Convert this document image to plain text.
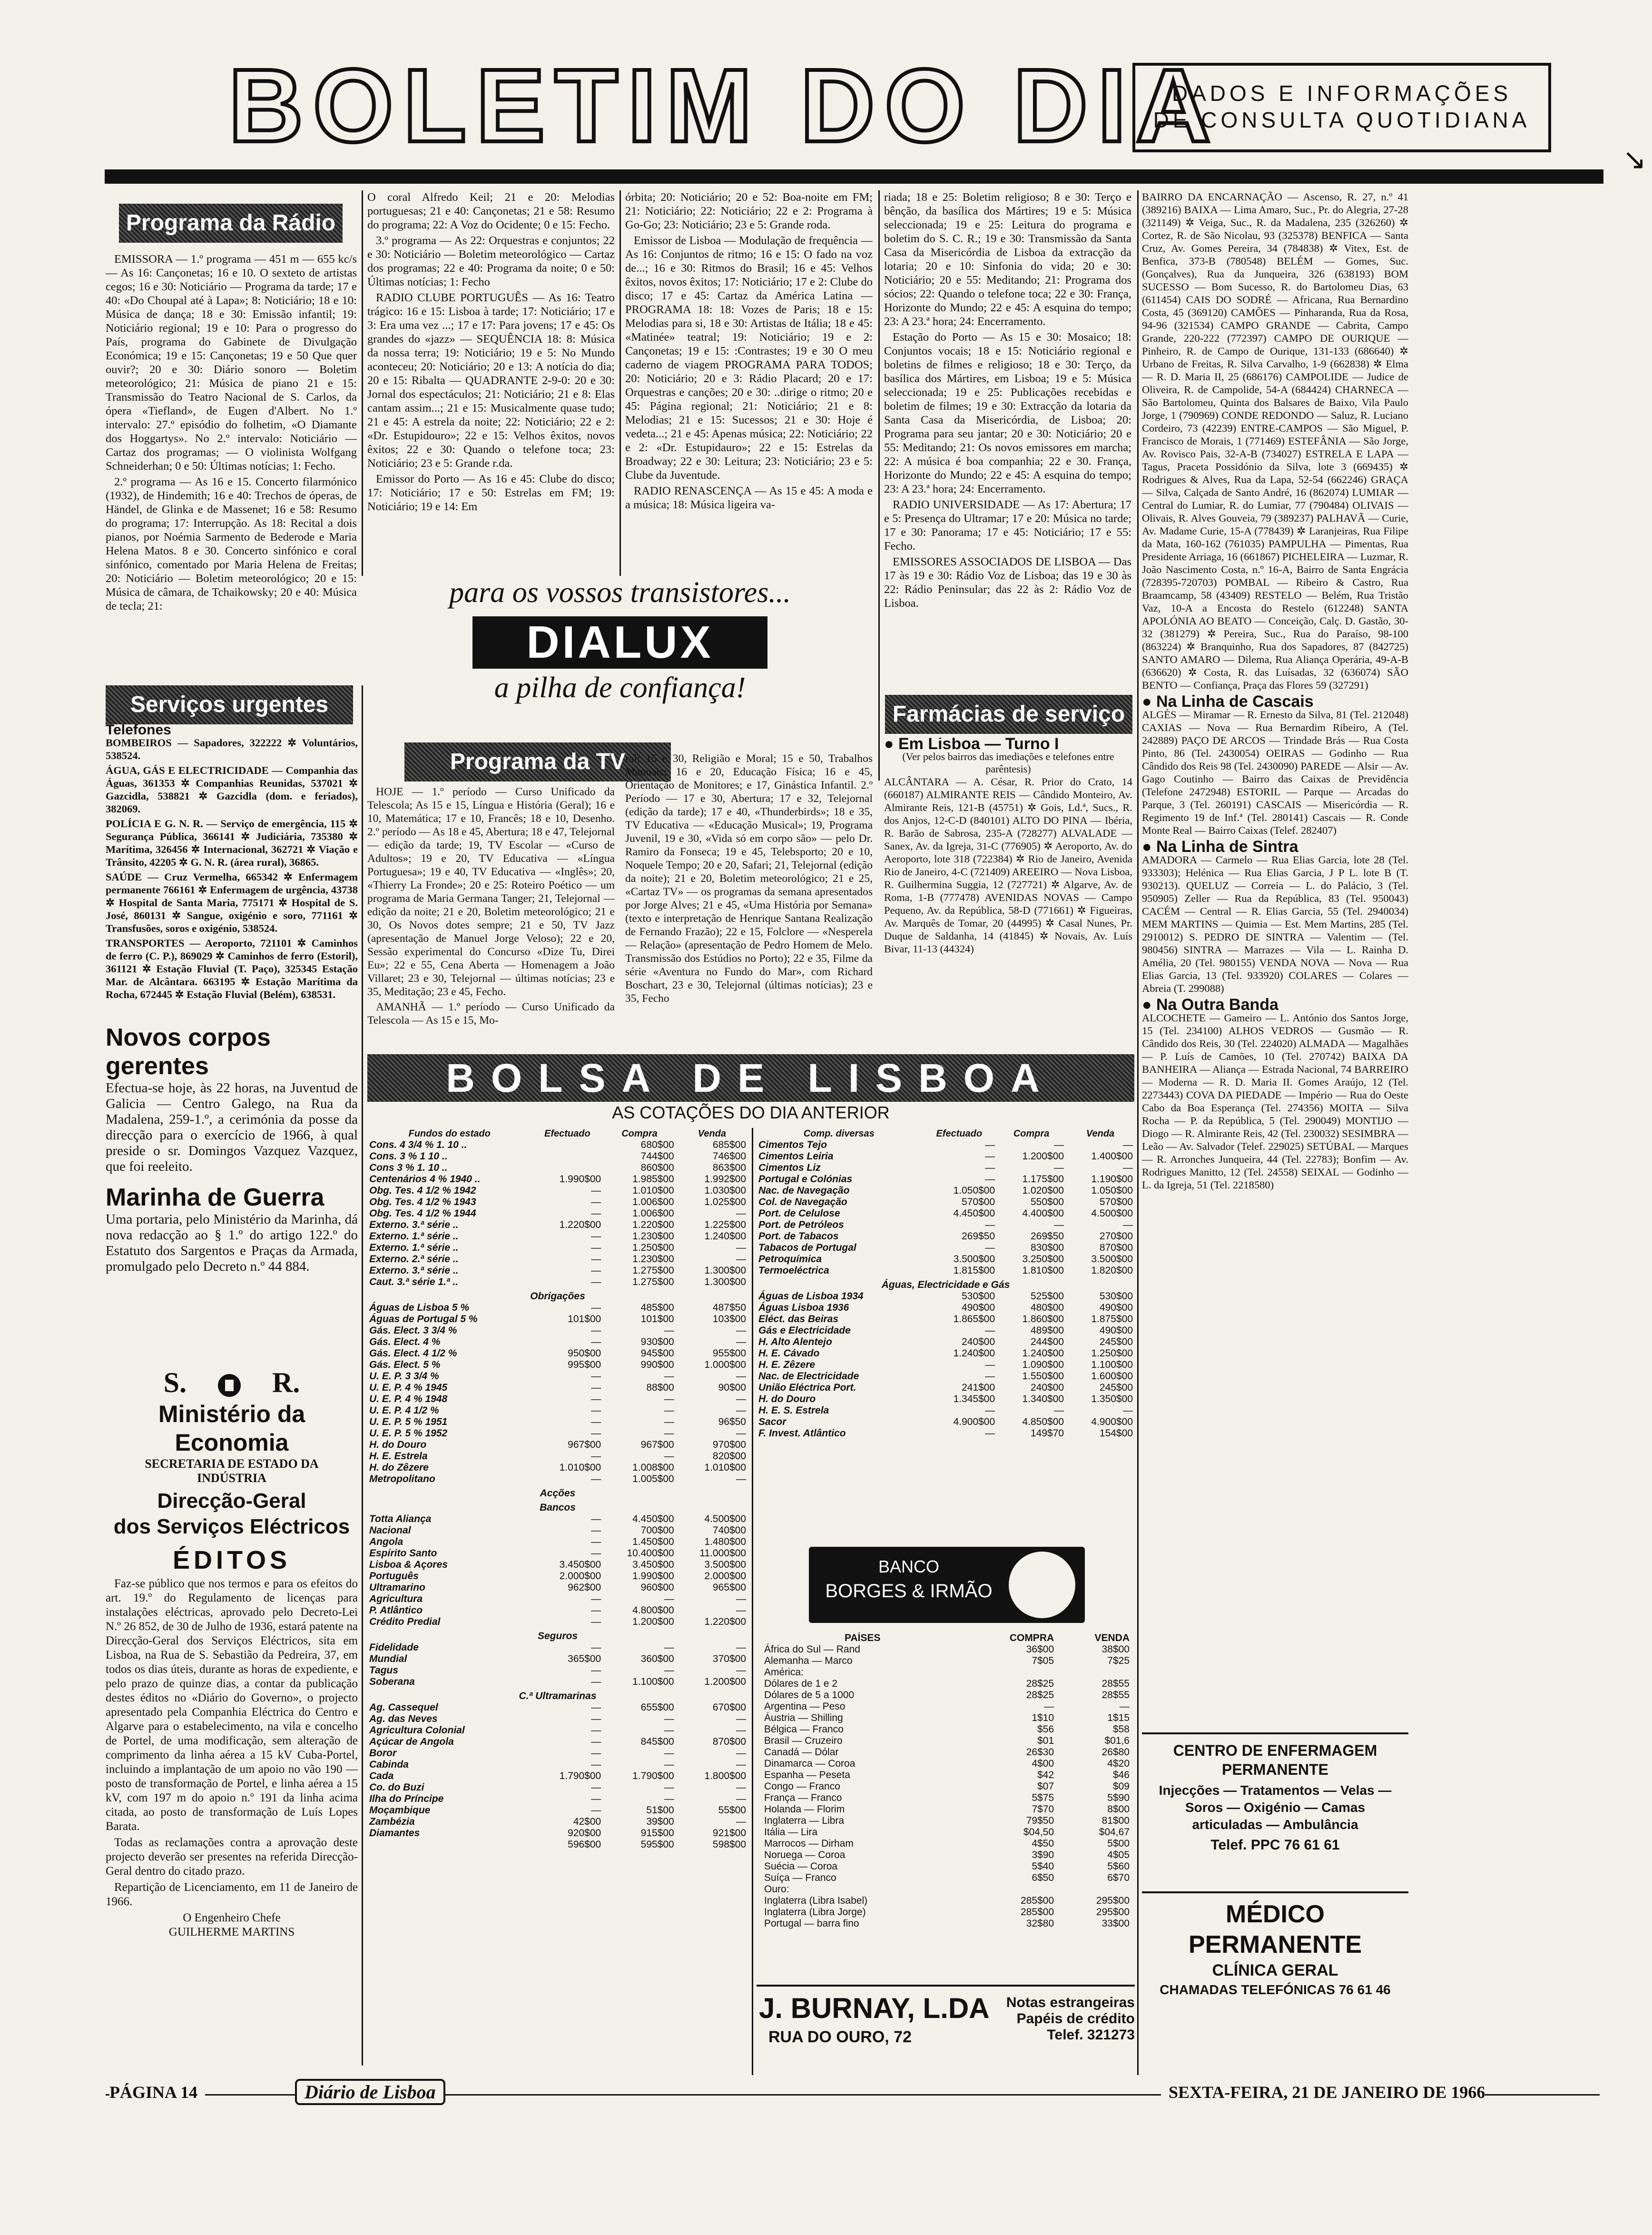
BOLETIM DO DIA
DADOS E INFORMAÇÕES
DE CONSULTA QUOTIDIANA
↘
Programa da Rádio

EMISSORA — 1.º programa — 451 m — 655 kc/s — As 16: Cançonetas; 16 e 10. O sexteto de artistas cegos; 16 e 30: Noticiário — Programa da tarde; 17 e 40: «Do Choupal até à Lapa»; 8: Noticiário; 18 e 10: Música de dança; 18 e 30: Emissão infantil; 19: Noticiário regional; 19 e 10: Para o progresso do País, programa do Gabinete de Divulgação Económica; 19 e 15: Cançonetas; 19 e 50 Que quer ouvir?; 20 e 30: Diário sonoro — Boletim meteorológico; 21: Música de piano 21 e 15: Transmissão do Teatro Nacional de S. Carlos, da ópera «Tiefland», de Eugen d'Albert. No 1.º intervalo: 27.º episódio do folhetim, «O Diamante dos Hoggartys». No 2.º intervalo: Noticiário — Cartaz dos programas; — O violinista Wolfgang Schneiderhan; 0 e 50: Últimas notícias; 1: Fecho.

2.º programa — As 16 e 15. Concerto filarmónico (1932), de Hindemith; 16 e 40: Trechos de óperas, de Händel, de Glinka e de Massenet; 16 e 58: Resumo do programa; 17: Interrupção. As 18: Recital a dois pianos, por Noémia Sarmento de Bederode e Maria Helena Matos. 8 e 30. Concerto sinfónico e coral sinfónico, comentado por Maria Helena de Freitas; 20: Noticiário — Boletim meteorológico; 20 e 15: Música de câmara, de Tchaikowsky; 20 e 40: Música de tecla; 21:

O coral Alfredo Keil; 21 e 20: Melodias portuguesas; 21 e 40: Cançonetas; 21 e 58: Resumo do programa; 22: A Voz do Ocidente; 0 e 15: Fecho.

3.º programa — As 22: Orquestras e conjuntos; 22 e 30: Noticiário — Boletim meteorológico — Cartaz dos programas; 22 e 40: Programa da noite; 0 e 50: Últimas notícias; 1: Fecho

RADIO CLUBE PORTUGUÊS — As 16: Teatro trágico: 16 e 15: Lisboa à tarde; 17: Noticiário; 17 e 3: Era uma vez ...; 17 e 17: Para jovens; 17 e 45: Os grandes do «jazz» — SEQUÊNCIA 18: 8: Música da nossa terra; 19: Noticiário; 19 e 5: No Mundo aconteceu; 20: Noticiário; 20 e 13: A notícia do dia; 20 e 15: Ribalta — QUADRANTE 2-9-0: 20 e 30: Jornal dos espectáculos; 21: Noticiário; 21 e 8: Elas cantam assim...; 21 e 15: Musicalmente quase tudo; 21 e 45: A estrela da noite; 22: Noticiário; 22 e 2: «Dr. Estupidouro»; 22 e 15: Velhos êxitos, novos êxitos; 22 e 30: Quando o telefone toca; 23: Noticiário; 23 e 5: Grande r.da.

Emissor do Porto — As 16 e 45: Clube do disco; 17: Noticiário; 17 e 50: Estrelas em FM; 19: Noticiário; 19 e 14: Em

órbita; 20: Noticiário; 20 e 52: Boa-noite em FM; 21: Noticiário; 22: Noticiário; 22 e 2: Programa à Go-Go; 23: Noticiário; 23 e 5: Grande roda.

Emissor de Lisboa — Modulação de frequência — As 16: Conjuntos de ritmo; 16 e 15: O fado na voz de...; 16 e 30: Ritmos do Brasil; 16 e 45: Velhos êxitos, novos êxitos; 17: Noticiário; 17 e 2: Clube do disco; 17 e 45: Cartaz da América Latina — PROGRAMA 18: 18: Vozes de Paris; 18 e 15: Melodias para si, 18 e 30: Artistas de Itália; 18 e 45: «Matinée» teatral; 19: Noticiário; 19 e 2: Cançonetas; 19 e 15: :Contrastes; 19 e 30 O meu caderno de viagem PROGRAMA PARA TODOS; 20: Noticiário; 20 e 3: Rádio Placard; 20 e 17: Orquestras e canções; 20 e 30: ..dirige o ritmo; 20 e 45: Página regional; 21: Noticiário; 21 e 8: Melodias; 21 e 15: Sucessos; 21 e 30: Hoje é vedeta...; 21 e 45: Apenas música; 22: Noticiário; 22 e 2: «Dr. Estupidauro»; 22 e 15: Estrelas da Broadway; 22 e 30: Leitura; 23: Noticiário; 23 e 5: Clube da Juventude.

RADIO RENASCENÇA — As 15 e 45: A moda e a música; 18: Música ligeira va-

riada; 18 e 25: Boletim religioso; 8 e 30: Terço e bênção, da basílica dos Mártires; 19 e 5: Música seleccionada; 19 e 25: Leitura do programa e boletim do S. C. R.; 19 e 30: Transmissão da Santa Casa da Misericórdia de Lisboa da extracção da lotaria; 20 e 10: Sinfonia do vida; 20 e 30: Noticiário; 20 e 55: Meditando; 21: Programa dos sócios; 22: Quando o telefone toca; 22 e 30: França, Horizonte do Mundo; 22 e 45: A esquina do tempo; 23: A 23.ª hora; 24: Encerramento.

Estação do Porto — As 15 e 30: Mosaico; 18: Conjuntos vocais; 18 e 15: Noticiário regional e boletins de filmes e religioso; 18 e 30: Terço, da basílica dos Mártires, em Lisboa; 19 e 5: Música seleccionada; 19 e 25: Publicações recebidas e boletim de filmes; 19 e 30: Extracção da lotaria da Santa Casa da Misericórdia, de Lisboa; 20: Programa para seu jantar; 20 e 30: Noticiário; 20 e 55: Meditando; 21: Os novos emissores em marcha; 22: A música é boa companhia; 22 e 30. França, Horizonte do Mundo; 22 e 45: A esquina do tempo; 23: A 23.ª hora; 24: Encerramento.

RADIO UNIVERSIDADE — As 17: Abertura; 17 e 5: Presença do Ultramar; 17 e 20: Música no tarde; 17 e 30: Panorama; 17 e 45: Noticiário; 17 e 55: Fecho.

EMISSORES ASSOCIADOS DE LISBOA — Das 17 às 19 e 30: Rádio Voz de Lisboa; das 19 e 30 às 22: Rádio Peninsular; das 22 às 2: Rádio Voz de Lisboa.

para os vossos transistores...
DIALUX
a pilha de confiança!
Serviços urgentes
Telefones

BOMBEIROS — Sapadores, 322222 ✲ Voluntários, 538524.

ÁGUA, GÁS E ELECTRICIDADE — Companhia das Águas, 361353 ✲ Companhias Reunidas, 537021 ✲ Gazcidla, 538821 ✲ Gazcidla (dom. e feriados), 382069.

POLÍCIA E G. N. R. — Serviço de emergência, 115 ✲ Segurança Pública, 366141 ✲ Judiciária, 735380 ✲ Marítima, 326456 ✲ Internacional, 362721 ✲ Viação e Trânsito, 42205 ✲ G. N. R. (área rural), 36865.

SAÚDE — Cruz Vermelha, 665342 ✲ Enfermagem permanente 766161 ✲ Enfermagem de urgência, 43738 ✲ Hospital de Santa Maria, 775171 ✲ Hospital de S. José, 860131 ✲ Sangue, oxigénio e soro, 771161 ✲ Transfusões, soros e oxigénio, 538524.

TRANSPORTES — Aeroporto, 721101 ✲ Caminhos de ferro (C. P.), 869029 ✲ Caminhos de ferro (Estoril), 361121 ✲ Estação Fluvial (T. Paço), 325345 Estação Mar. de Alcântara. 663195 ✲ Estação Marítima da Rocha, 672445 ✲ Estação Fluvial (Belém), 638531.

Novos corpos gerentes
Efectua-se hoje, às 22 horas, na Juventud de Galicia — Centro Galego, na Rua da Madalena, 259-1.º, a cerimónia da posse da direcção para o exercício de 1966, à qual preside o sr. Domingos Vazquez Vazquez, que foi reeleito.
Marinha de Guerra
Uma portaria, pelo Ministério da Marinha, dá nova redacção ao § 1.º do artigo 122.º do Estatuto dos Sargentos e Praças da Armada, promulgado pelo Decreto n.º 44 884.
S.	R.
Ministério da Economia
SECRETARIA DE ESTADO DA INDÚSTRIA
Direcção-Geral
dos Serviços Eléctricos
ÉDITOS

Faz-se público que nos termos e para os efeitos do art. 19.º do Regulamento de licenças para instalações eléctricas, aprovado pelo Decreto-Lei N.º 26 852, de 30 de Julho de 1936, estará patente na Direcção-Geral dos Serviços Eléctricos, sita em Lisboa, na Rua de S. Sebastião da Pedreira, 37, em todos os dias úteis, durante as horas de expediente, e pelo prazo de quinze dias, a contar da publicação destes éditos no «Diário do Governo», o projecto apresentado pela Companhia Eléctrica do Centro e Algarve para o estabelecimento, na vila e concelho de Portel, de uma modificação, sem alteração de comprimento da linha aérea a 15 kV Cuba-Portel, incluindo a implantação de um apoio no vão 190 — posto de transformação de Portel, e linha aérea a 15 kV, com 197 m do apoio n.º 191 da linha acima citada, ao posto de transformação de Luís Lopes Barata.

Todas as reclamações contra a aprovação deste projecto deverão ser presentes na referida Direcção-Geral dentro do citado prazo.

Repartição de Licenciamento, em 11 de Janeiro de 1966.

O Engenheiro Chefe
GUILHERME MARTINS
Programa da TV

HOJE — 1.º período — Curso Unificado da Telescola; As 15 e 15, Língua e História (Geral); 16 e 10, Matemática; 17 e 10, Francês; 18 e 10, Desenho. 2.º período — As 18 e 45, Abertura; 18 e 47, Telejornal — edição da tarde; 19, TV Escolar — «Curso de Adultos»; 19 e 20, TV Educativa — «Língua Portuguesa»; 19 e 40, TV Educativa — «Inglês»; 20, «Thierry La Fronde»; 20 e 25: Roteiro Poético — um programa de Maria Germana Tanger; 21, Telejornal — edição da noite; 21 e 20, Boletim meteorológico; 21 e 30, Os Novos dotes sempre; 21 e 50, TV Jazz (apresentação de Manuel Jorge Veloso); 22 e 20, Sessão experimental do Concurso «Dize Tu, Direi Eu»; 22 e 55, Cena Aberta — Homenagem a João Villaret; 23 e 30, Telejornal — últimas notícias; 23 e 35, Meditação; 23 e 45, Fecho.

AMANHÃ — 1.º período — Curso Unificado da Telescola — As 15 e 15, Mo-

ral; 15 e 30, Religião e Moral; 15 e 50, Trabalhos Manuais; 16 e 20, Educação Física; 16 e 45, Orientação de Monitores; e 17, Ginástica Infantil. 2.º Período — 17 e 30, Abertura; 17 e 32, Telejornal (edição da tarde); 17 e 40, «Thunderbirds»; 18 e 35, TV Educativa — «Educação Musical»; 19, Programa Juvenil, 19 e 30, «Vida só em corpo são» — pelo Dr. Ramiro da Fonseca; 19 e 45, Telebsporto; 20 e 10, Noquele Tempo; 20 e 20, Safari; 21, Telejornal (edição da noite); 21 e 20, Boletim meteorológico; 21 e 25, «Cartaz TV» — os programas da semana apresentados por Jorge Alves; 21 e 45, «Uma História por Semana» (texto e interpretação de Henrique Santana Realização de Fernando Frazão); 22 e 15, Folclore — «Nesperela — Relação» (apresentação de Pedro Homem de Melo. Transmissão dos Estúdios no Porto); 22 e 35, Filme da série «Aventura no Fundo do Mar», com Richard Boschart, 23 e 30, Telejornal (últimas notícias); 23 e 35, Fecho

BOLSA DE LISBOA
AS COTAÇÕES DO DIA ANTERIOR
Fundos do estado	Efectuado	Compra	Venda
Cons. 4 3/4 % 1. 10 ..		680$00	685$00
Cons. 3 % 1 10 ..		744$00	746$00
Cons 3 % 1. 10 ..		860$00	863$00
Centenários 4 % 1940 ..	1.990$00	1.985$00	1.992$00
Obg. Tes. 4 1/2 % 1942	—	1.010$00	1.030$00
Obg. Tes. 4 1/2 % 1943	—	1.006$00	1.025$00
Obg. Tes. 4 1/2 % 1944	—	1.006$00	—
Externo. 3.ª série ..	1.220$00	1.220$00	1.225$00
Externo. 1.ª série ..	—	1.230$00	1.240$00
Externo. 1.ª série ..	—	1.250$00	—
Externo. 2.ª série ..	—	1.230$00	—
Externo. 3.ª série ..	—	1.275$00	1.300$00
Caut. 3.ª série 1.ª ..	—	1.275$00	1.300$00
Obrigações			
Águas de Lisboa 5 %	—	485$00	487$50
Águas de Portugal 5 %	101$00	101$00	103$00
Gás. Elect. 3 3/4 %	—	—	—
Gás. Elect. 4 %	—	930$00	—
Gás. Elect. 4 1/2 %	950$00	945$00	955$00
Gás. Elect. 5 %	995$00	990$00	1.000$00
U. E. P. 3 3/4 %	—	—	—
U. E. P. 4 % 1945	—	88$00	90$00
U. E. P. 4 % 1948	—	—	—
U. E. P. 4 1/2 %	—	—	—
U. E. P. 5 % 1951	—	—	96$50
U. E. P. 5 % 1952	—	—	—
H. do Douro	967$00	967$00	970$00
H. E. Estrela	—	—	820$00
H. do Zêzere	1.010$00	1.008$00	1.010$00
Metropolitano	—	1.005$00	—
Acções			
Bancos			
Totta Aliança	—	4.450$00	4.500$00
Nacional	—	700$00	740$00
Angola	—	1.450$00	1.480$00
Espírito Santo	—	10.400$00	11.000$00
Lisboa & Açores	3.450$00	3.450$00	3.500$00
Português	2.000$00	1.990$00	2.000$00
Ultramarino	962$00	960$00	965$00
Agricultura	—	—	—
P. Atlântico	—	4.800$00	—
Crédito Predial	—	1.200$00	1.220$00
Seguros			
Fidelidade	—	—	—
Mundial	365$00	360$00	370$00
Tagus	—	—	—
Soberana	—	1.100$00	1.200$00
C.ª Ultramarinas			
Ag. Cassequel	—	655$00	670$00
Ag. das Neves	—	—	—
Agricultura Colonial	—	—	—
Açúcar de Angola	—	845$00	870$00
Boror	—	—	—
Cabinda	—	—	—
Cada	1.790$00	1.790$00	1.800$00
Co. do Buzi	—	—	—
Ilha do Príncipe	—	—	—
Moçambique	—	51$00	55$00
Zambézia	42$00	39$00	—
Diamantes	920$00	915$00	921$00
	596$00	595$00	598$00
Comp. diversas	Efectuado	Compra	Venda
Cimentos Tejo	—	—	—
Cimentos Leiria	—	1.200$00	1.400$00
Cimentos Liz	—	—	—
Portugal e Colónias	—	1.175$00	1.190$00
Nac. de Navegação	1.050$00	1.020$00	1.050$00
Col. de Navegação	570$00	550$00	570$00
Port. de Celulose	4.450$00	4.400$00	4.500$00
Port. de Petróleos	—	—	—
Port. de Tabacos	269$50	269$50	270$00
Tabacos de Portugal	—	830$00	870$00
Petroquímica	3.500$00	3.250$00	3.500$00
Termoeléctrica	1.815$00	1.810$00	1.820$00
Águas, Electricidade e Gás			
Águas de Lisboa 1934	530$00	525$00	530$00
Águas Lisboa 1936	490$00	480$00	490$00
Eléct. das Beiras	1.865$00	1.860$00	1.875$00
Gás e Electricidade	—	489$00	490$00
H. Alto Alentejo	240$00	244$00	245$00
H. E. Cávado	1.240$00	1.240$00	1.250$00
H. E. Zêzere	—	1.090$00	1.100$00
Nac. de Electricidade	—	1.550$00	1.600$00
União Eléctrica Port.	241$00	240$00	245$00
H. do Douro	1.345$00	1.340$00	1.350$00
H. E. S. Estrela	—	—	—
Sacor	4.900$00	4.850$00	4.900$00
F. Invest. Atlântico	—	149$70	154$00
BANCO
BORGES & IRMÃO
PAÍSES	COMPRA	VENDA
África do Sul — Rand	36$00	38$00
Alemanha — Marco	7$05	7$25
América:		
Dólares de 1 e 2	28$25	28$55
Dólares de 5 a 1000	28$25	28$55
Argentina — Peso	—	—
Áustria — Shilling	1$10	1$15
Bélgica — Franco	$56	$58
Brasil — Cruzeiro	$01	$01,6
Canadá — Dólar	26$30	26$80
Dinamarca — Coroa	4$00	4$20
Espanha — Peseta	$42	$46
Congo — Franco	$07	$09
França — Franco	5$75	5$90
Holanda — Florim	7$70	8$00
Inglaterra — Libra	79$50	81$00
Itália — Lira	$04,50	$04,67
Marrocos — Dirham	4$50	5$00
Noruega — Coroa	3$90	4$05
Suécia — Coroa	5$40	5$60
Suíça — Franco	6$50	6$70
Ouro:		
Inglaterra (Libra Isabel)	285$00	295$00
Inglaterra (Libra Jorge)	285$00	295$00
Portugal — barra fino	32$80	33$00
J. BURNAY, L.DA
RUA DO OURO, 72
Notas estrangeiras
Papéis de crédito
Telef. 321273
Farmácias de serviço
● Em Lisboa — Turno I
(Ver pelos bairros das imediações e telefones entre parêntesis)

ALCÂNTARA — A. César, R. Prior do Crato, 14 (660187) ALMIRANTE REIS — Cândido Monteiro, Av. Almirante Reis, 121-B (45751) ✲ Gois, Ld.ª, Sucs., R. dos Anjos, 12-C-D (840101) ALTO DO PINA — Ibéria, R. Barão de Sabrosa, 235-A (728277) ALVALADE — Sanex, Av. da Igreja, 31-C (776905) ✲ Aeroporto, Av. do Aeroporto, lote 318 (722384) ✲ Rio de Janeiro, Avenida Rio de Janeiro, 4-C (721409) AREEIRO — Nova Lisboa, R. Guilhermina Suggia, 12 (727721) ✲ Algarve, Av. de Roma, 1-B (777478) AVENIDAS NOVAS — Campo Pequeno, Av. da República, 58-D (771661) ✲ Figueiras, Av. Marquês de Tomar, 20 (44995) ✲ Casal Nunes, Pr. Duque de Saldanha, 14 (41845) ✲ Novais, Av. Luís Bivar, 11-13 (44324)

BAIRRO DA ENCARNAÇÃO — Ascenso, R. 27, n.º 41 (389216) BAIXA — Lima Amaro, Suc., Pr. do Alegria, 27-28 (321149) ✲ Veiga, Suc., R. da Madalena, 235 (326260) ✲ Cortez, R. de São Nicolau, 93 (325378) BENFICA — Santa Cruz, Av. Gomes Pereira, 34 (784838) ✲ Vitex, Est. de Benfica, 373-B (780548) BELÉM — Gomes, Suc. (Gonçalves), Rua da Junqueira, 326 (638193) BOM SUCESSO — Bom Sucesso, R. do Bartolomeu Dias, 63 (611454) CAIS DO SODRÉ — Africana, Rua Bernardino Costa, 45 (369120) CAMÕES — Pinharanda, Rua da Rosa, 94-96 (321534) CAMPO GRANDE — Cabrita, Campo Grande, 220-222 (772397) CAMPO DE OURIQUE — Pinheiro, R. de Campo de Ourique, 131-133 (686640) ✲ Urbano de Freitas, R. Silva Carvalho, 1-9 (662838) ✲ Elma — R. D. Maria II, 25 (686176) CAMPOLIDE — Judice de Oliveira, R. de Campolide, 54-A (684424) CHARNECA — São Bartolomeu, Quinta dos Balsares de Baixo, Vila Paulo Jorge, 1 (790969) CONDE REDONDO — Saluz, R. Luciano Cordeiro, 73 (42239) ENTRE-CAMPOS — São Miguel, P. Francisco de Morais, 1 (771469) ESTEFÂNIA — São Jorge, Av. Rovisco Pais, 32-A-B (734027) ESTRELA E LAPA — Tagus, Praceta Possidónio da Silva, lote 3 (669435) ✲ Rodrigues & Alves, Rua da Lapa, 52-54 (662246) GRAÇA — Silva, Calçada de Santo André, 16 (862074) LUMIAR — Central do Lumiar, R. do Lumiar, 77 (790484) OLIVAIS — Olivais, R. Alves Gouveia, 79 (389237) PALHAVÃ — Curie, Av. Madame Curie, 15-A (778439) ✲ Laranjeiras, Rua Filipe da Mata, 160-162 (761035) PAMPULHA — Pimentas, Rua Presidente Arriaga, 16 (661867) PICHELEIRA — Luzmar, R. João Nascimento Costa, n.º 16-A, Bairro de Santa Engrácia (728395-720703) POMBAL — Ribeiro & Castro, Rua Braamcamp, 58 (43409) RESTELO — Belém, Rua Tristão Vaz, 10-A a Encosta do Restelo (612248) SANTA APOLÓNIA AO BEATO — Conceição, Calç. D. Gastão, 30-32 (381279) ✲ Pereira, Suc., Rua do Paraíso, 98-100 (863224) ✲ Branquinho, Rua dos Sapadores, 87 (842725) SANTO AMARO — Dilema, Rua Aliança Operária, 49-A-B (636620) ✲ Costa, R. das Luísadas, 32 (636074) SÃO BENTO — Confiança, Praça das Flores 59 (327291)

● Na Linha de Cascais

ALGÉS — Miramar — R. Ernesto da Silva, 81 (Tel. 212048) CAXIAS — Nova — Rua Bernardim Ribeiro, A (Tel. 242889) PAÇO DE ARCOS — Trindade Brás — Rua Costa Pinto, 86 (Tel. 2430054) OEIRAS — Godinho — Rua Cândido dos Reis 98 (Tel. 2430090) PAREDE — Alsir — Av. Gago Coutinho — Bairro das Caixas de Previdência (Telefone 2472948) ESTORIL — Parque — Arcadas do Parque, 3 (Tel. 260191) CASCAIS — Misericórdia — R. Regimento 19 de Inf.ª (Tel. 280141) Cascais — R. Conde Monte Real — Bairro Caixas (Telef. 282407)

● Na Linha de Sintra

AMADORA — Carmelo — Rua Elias Garcia, lote 28 (Tel. 933303); Helénica — Rua Elias Garcia, J P L. lote B (T. 930213). QUELUZ — Correia — L. do Palácio, 3 (Tel. 950905) Zeller — Rua da República, 83 (Tel. 950043) CACÉM — Central — R. Elias Garcia, 55 (Tel. 2940034) MEM MARTINS — Quimia — Est. Mem Martins, 285 (Tel. 2910012) S. PEDRO DE SINTRA — Valentim — (Tel. 980456) SINTRA — Marrazes — Vila — L. Rainha D. Amélia, 20 (Tel. 980155) VENDA NOVA — Nova — Rua Elias Garcia, 13 (Tel. 933920) COLARES — Colares — Abreia (T. 299088)

● Na Outra Banda

ALCOCHETE — Gameiro — L. António dos Santos Jorge, 15 (Tel. 234100) ALHOS VEDROS — Gusmão — R. Cândido dos Reis, 30 (Tel. 224020) ALMADA — Magalhães — P. Luís de Camões, 10 (Tel. 270742) BAIXA DA BANHEIRA — Aliança — Estrada Nacional, 74 BARREIRO — Moderna — R. D. Maria II. Gomes Araújo, 12 (Tel. 2273443) COVA DA PIEDADE — Império — Rua do Oeste Cabo da Boa Esperança (Tel. 274356) MOITA — Silva Rocha — P. da República, 5 (Tel. 290049) MONTIJO — Diogo — R. Almirante Reis, 42 (Tel. 230032) SESIMBRA — Leão — Av. Salvador (Telef. 229025) SETÚBAL — Marques — R. Arronches Junqueira, 44 (Tel. 22783); Bonfim — Av. Rodrigues Manitto, 12 (Tel. 24558) SEIXAL — Godinho — L. da Igreja, 51 (Tel. 2218580)

CENTRO DE ENFERMAGEM
PERMANENTE
Injecções — Tratamentos — Velas — Soros — Oxigénio — Camas articuladas — Ambulância
Telef. PPC 76 61 61
MÉDICO PERMANENTE
CLÍNICA GERAL
CHAMADAS TELEFÓNICAS 76 61 46
PÁGINA 14	Diário de Lisboa	SEXTA-FEIRA, 21 DE JANEIRO DE 1966
